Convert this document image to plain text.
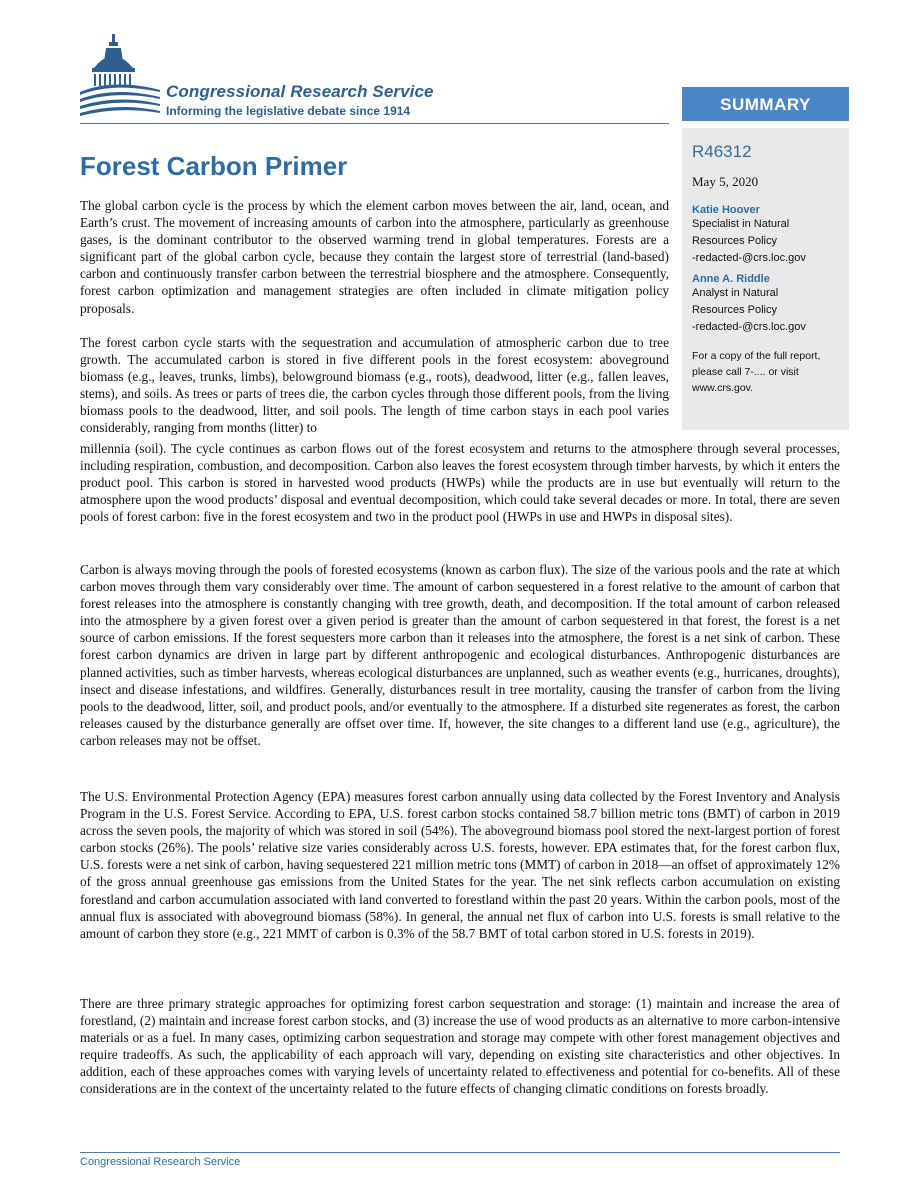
Congressional Research Service
Informing the legislative debate since 1914	SUMMARY
R46312
May 5, 2020
Katie Hoover
Specialist in Natural
Resources Policy
-redacted-@crs.loc.gov
Anne A. Riddle
Analyst in Natural
Resources Policy
-redacted-@crs.loc.gov
For a copy of the full report,
please call 7-.... or visit
www.crs.gov.
Forest Carbon Primer

The global carbon cycle is the process by which the element carbon moves between the air, land, ocean, and Earth’s crust. The movement of increasing amounts of carbon into the atmosphere, particularly as greenhouse gases, is the dominant contributor to the observed warming trend in global temperatures. Forests are a significant part of the global carbon cycle, because they contain the largest store of terrestrial (land-based) carbon and continuously transfer carbon between the terrestrial biosphere and the atmosphere. Consequently, forest carbon optimization and management strategies are often included in climate mitigation policy proposals.

The forest carbon cycle starts with the sequestration and accumulation of atmospheric carbon due to tree growth. The accumulated carbon is stored in five different pools in the forest ecosystem: aboveground biomass (e.g., leaves, trunks, limbs), belowground biomass (e.g., roots), deadwood, litter (e.g., fallen leaves, stems), and soils. As trees or parts of trees die, the carbon cycles through those different pools, from the living biomass pools to the deadwood, litter, and soil pools. The length of time carbon stays in each pool varies considerably, ranging from months (litter) to

millennia (soil). The cycle continues as carbon flows out of the forest ecosystem and returns to the atmosphere through several processes, including respiration, combustion, and decomposition. Carbon also leaves the forest ecosystem through timber harvests, by which it enters the product pool. This carbon is stored in harvested wood products (HWPs) while the products are in use but eventually will return to the atmosphere upon the wood products’ disposal and eventual decomposition, which could take several decades or more. In total, there are seven pools of forest carbon: five in the forest ecosystem and two in the product pool (HWPs in use and HWPs in disposal sites).

Carbon is always moving through the pools of forested ecosystems (known as carbon flux). The size of the various pools and the rate at which carbon moves through them vary considerably over time. The amount of carbon sequestered in a forest relative to the amount of carbon that forest releases into the atmosphere is constantly changing with tree growth, death, and decomposition. If the total amount of carbon released into the atmosphere by a given forest over a given period is greater than the amount of carbon sequestered in that forest, the forest is a net source of carbon emissions. If the forest sequesters more carbon than it releases into the atmosphere, the forest is a net sink of carbon. These forest carbon dynamics are driven in large part by different anthropogenic and ecological disturbances. Anthropogenic disturbances are planned activities, such as timber harvests, whereas ecological disturbances are unplanned, such as weather events (e.g., hurricanes, droughts), insect and disease infestations, and wildfires. Generally, disturbances result in tree mortality, causing the transfer of carbon from the living pools to the deadwood, litter, soil, and product pools, and/or eventually to the atmosphere. If a disturbed site regenerates as forest, the carbon releases caused by the disturbance generally are offset over time. If, however, the site changes to a different land use (e.g., agriculture), the carbon releases may not be offset.

The U.S. Environmental Protection Agency (EPA) measures forest carbon annually using data collected by the Forest Inventory and Analysis Program in the U.S. Forest Service. According to EPA, U.S. forest carbon stocks contained 58.7 billion metric tons (BMT) of carbon in 2019 across the seven pools, the majority of which was stored in soil (54%). The aboveground biomass pool stored the next-largest portion of forest carbon stocks (26%). The pools’ relative size varies considerably across U.S. forests, however. EPA estimates that, for the forest carbon flux, U.S. forests were a net sink of carbon, having sequestered 221 million metric tons (MMT) of carbon in 2018—an offset of approximately 12% of the gross annual greenhouse gas emissions from the United States for the year. The net sink reflects carbon accumulation on existing forestland and carbon accumulation associated with land converted to forestland within the past 20 years. Within the carbon pools, most of the annual flux is associated with aboveground biomass (58%). In general, the annual net flux of carbon into U.S. forests is small relative to the amount of carbon they store (e.g., 221 MMT of carbon is 0.3% of the 58.7 BMT of total carbon stored in U.S. forests in 2019).

There are three primary strategic approaches for optimizing forest carbon sequestration and storage: (1) maintain and increase the area of forestland, (2) maintain and increase forest carbon stocks, and (3) increase the use of wood products as an alternative to more carbon-intensive materials or as a fuel. In many cases, optimizing carbon sequestration and storage may compete with other forest management objectives and require tradeoffs. As such, the applicability of each approach will vary, depending on existing site characteristics and other objectives. In addition, each of these approaches comes with varying levels of uncertainty related to effectiveness and potential for co-benefits. All of these considerations are in the context of the uncertainty related to the future effects of changing climatic conditions on forests broadly.

Congressional Research Service
